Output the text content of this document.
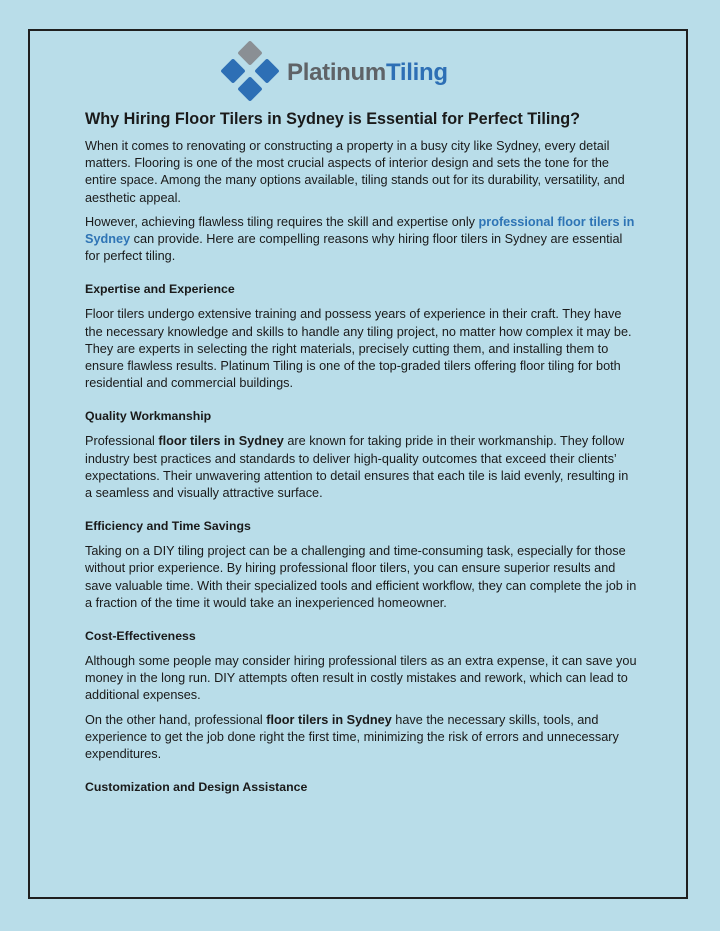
PlatinumTiling
Why Hiring Floor Tilers in Sydney is Essential for Perfect Tiling?

When it comes to renovating or constructing a property in a busy city like Sydney, every detail matters. Flooring is one of the most crucial aspects of interior design and sets the tone for the entire space. Among the many options available, tiling stands out for its durability, versatility, and aesthetic appeal.

However, achieving flawless tiling requires the skill and expertise only professional floor tilers in Sydney can provide. Here are compelling reasons why hiring floor tilers in Sydney are essential for perfect tiling.

Expertise and Experience

Floor tilers undergo extensive training and possess years of experience in their craft. They have the necessary knowledge and skills to handle any tiling project, no matter how complex it may be. They are experts in selecting the right materials, precisely cutting them, and installing them to ensure flawless results. Platinum Tiling is one of the top-graded tilers offering floor tiling for both residential and commercial buildings.

Quality Workmanship

Professional floor tilers in Sydney are known for taking pride in their workmanship. They follow industry best practices and standards to deliver high-quality outcomes that exceed their clients’ expectations. Their unwavering attention to detail ensures that each tile is laid evenly, resulting in a seamless and visually attractive surface.

Efficiency and Time Savings

Taking on a DIY tiling project can be a challenging and time-consuming task, especially for those without prior experience. By hiring professional floor tilers, you can ensure superior results and save valuable time. With their specialized tools and efficient workflow, they can complete the job in a fraction of the time it would take an inexperienced homeowner.

Cost-Effectiveness

Although some people may consider hiring professional tilers as an extra expense, it can save you money in the long run. DIY attempts often result in costly mistakes and rework, which can lead to additional expenses.

On the other hand, professional floor tilers in Sydney have the necessary skills, tools, and experience to get the job done right the first time, minimizing the risk of errors and unnecessary expenditures.

Customization and Design Assistance
